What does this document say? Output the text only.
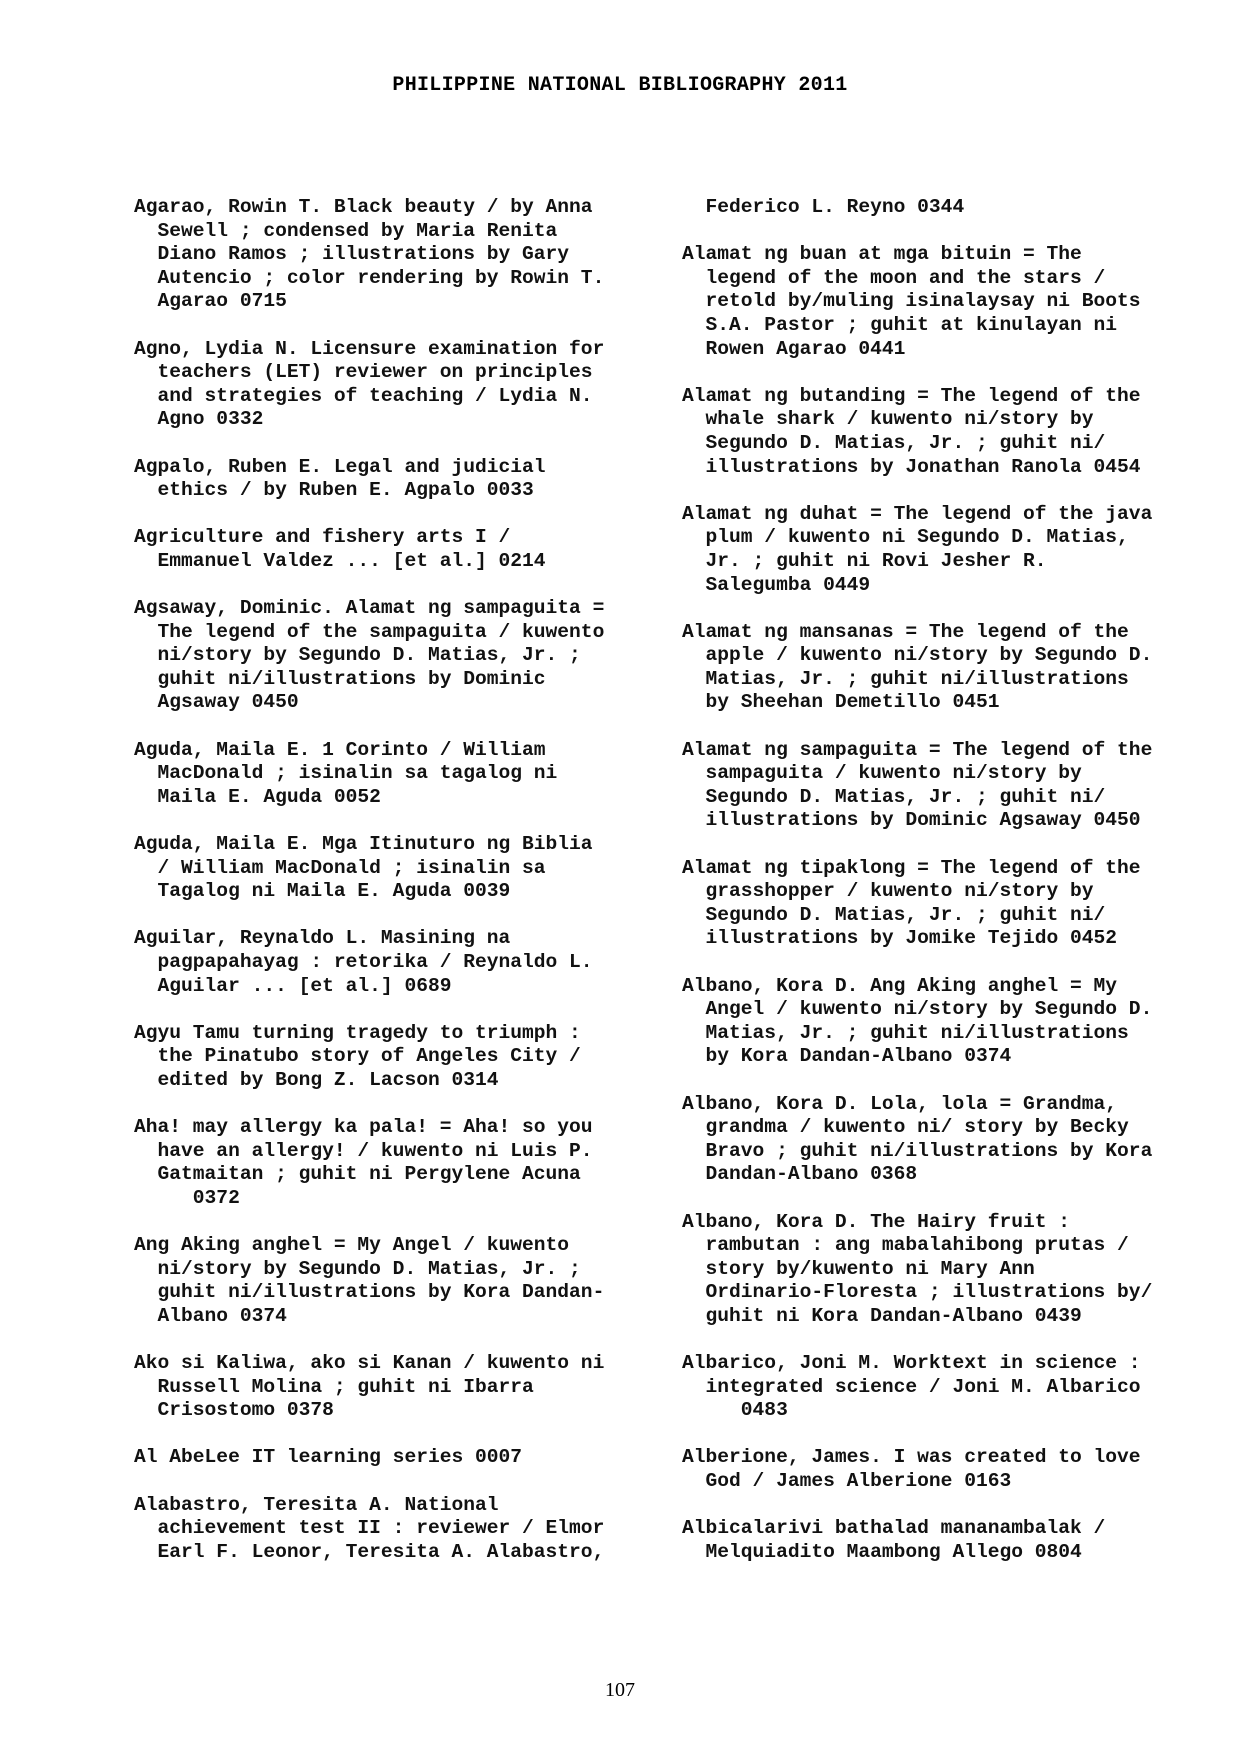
PHILIPPINE NATIONAL BIBLIOGRAPHY 2011
Agarao, Rowin T. Black beauty / by Anna
Sewell ; condensed by Maria Renita
Diano Ramos ; illustrations by Gary
Autencio ; color rendering by Rowin T.
Agarao 0715
Agno, Lydia N. Licensure examination for
teachers (LET) reviewer on principles
and strategies of teaching / Lydia N.
Agno 0332
Agpalo, Ruben E. Legal and judicial
ethics / by Ruben E. Agpalo 0033
Agriculture and fishery arts I /
Emmanuel Valdez ... [et al.] 0214
Agsaway, Dominic. Alamat ng sampaguita =
The legend of the sampaguita / kuwento
ni/story by Segundo D. Matias, Jr. ;
guhit ni/illustrations by Dominic
Agsaway 0450
Aguda, Maila E. 1 Corinto / William
MacDonald ; isinalin sa tagalog ni
Maila E. Aguda 0052
Aguda, Maila E. Mga Itinuturo ng Biblia
/ William MacDonald ; isinalin sa
Tagalog ni Maila E. Aguda 0039
Aguilar, Reynaldo L. Masining na
pagpapahayag : retorika / Reynaldo L.
Aguilar ... [et al.] 0689
Agyu Tamu turning tragedy to triumph :
the Pinatubo story of Angeles City /
edited by Bong Z. Lacson 0314
Aha! may allergy ka pala! = Aha! so you
have an allergy! / kuwento ni Luis P.
Gatmaitan ; guhit ni Pergylene Acuna
0372
Ang Aking anghel = My Angel / kuwento
ni/story by Segundo D. Matias, Jr. ;
guhit ni/illustrations by Kora Dandan-
Albano 0374
Ako si Kaliwa, ako si Kanan / kuwento ni
Russell Molina ; guhit ni Ibarra
Crisostomo 0378
Al AbeLee IT learning series 0007
Alabastro, Teresita A. National
achievement test II : reviewer / Elmor
Earl F. Leonor, Teresita A. Alabastro,
Federico L. Reyno 0344
Alamat ng buan at mga bituin = The
legend of the moon and the stars /
retold by/muling isinalaysay ni Boots
S.A. Pastor ; guhit at kinulayan ni
Rowen Agarao 0441
Alamat ng butanding = The legend of the
whale shark / kuwento ni/story by
Segundo D. Matias, Jr. ; guhit ni/
illustrations by Jonathan Ranola 0454
Alamat ng duhat = The legend of the java
plum / kuwento ni Segundo D. Matias,
Jr. ; guhit ni Rovi Jesher R.
Salegumba 0449
Alamat ng mansanas = The legend of the
apple / kuwento ni/story by Segundo D.
Matias, Jr. ; guhit ni/illustrations
by Sheehan Demetillo 0451
Alamat ng sampaguita = The legend of the
sampaguita / kuwento ni/story by
Segundo D. Matias, Jr. ; guhit ni/
illustrations by Dominic Agsaway 0450
Alamat ng tipaklong = The legend of the
grasshopper / kuwento ni/story by
Segundo D. Matias, Jr. ; guhit ni/
illustrations by Jomike Tejido 0452
Albano, Kora D. Ang Aking anghel = My
Angel / kuwento ni/story by Segundo D.
Matias, Jr. ; guhit ni/illustrations
by Kora Dandan-Albano 0374
Albano, Kora D. Lola, lola = Grandma,
grandma / kuwento ni/ story by Becky
Bravo ; guhit ni/illustrations by Kora
Dandan-Albano 0368
Albano, Kora D. The Hairy fruit :
rambutan : ang mabalahibong prutas /
story by/kuwento ni Mary Ann
Ordinario-Floresta ; illustrations by/
guhit ni Kora Dandan-Albano 0439
Albarico, Joni M. Worktext in science :
integrated science / Joni M. Albarico
0483
Alberione, James. I was created to love
God / James Alberione 0163
Albicalarivi bathalad mananambalak /
Melquiadito Maambong Allego 0804
107
